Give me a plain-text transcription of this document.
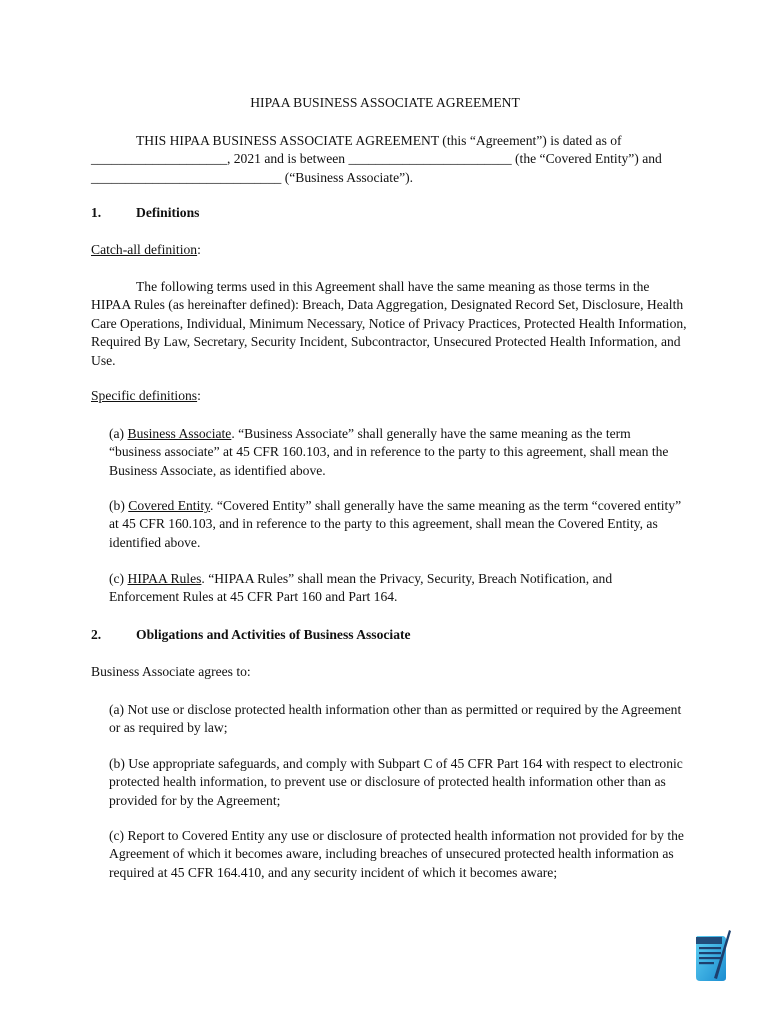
HIPAA BUSINESS ASSOCIATE AGREEMENT

THIS HIPAA BUSINESS ASSOCIATE AGREEMENT (this “Agreement”) is dated as of ____________________, 2021 and is between ________________________ (the “Covered Entity”) and ____________________________ (“Business Associate”).

1.	Definitions

Catch-all definition:

The following terms used in this Agreement shall have the same meaning as those terms in the HIPAA Rules (as hereinafter defined): Breach, Data Aggregation, Designated Record Set, Disclosure, Health Care Operations, Individual, Minimum Necessary, Notice of Privacy Practices, Protected Health Information, Required By Law, Secretary, Security Incident, Subcontractor, Unsecured Protected Health Information, and Use.

Specific definitions:

(a) Business Associate. “Business Associate” shall generally have the same meaning as the term “business associate” at 45 CFR 160.103, and in reference to the party to this agreement, shall mean the Business Associate, as identified above.

(b) Covered Entity. “Covered Entity” shall generally have the same meaning as the term “covered entity” at 45 CFR 160.103, and in reference to the party to this agreement, shall mean the Covered Entity, as identified above.

(c) HIPAA Rules. “HIPAA Rules” shall mean the Privacy, Security, Breach Notification, and Enforcement Rules at 45 CFR Part 160 and Part 164.

2.	Obligations and Activities of Business Associate

Business Associate agrees to:

(a) Not use or disclose protected health information other than as permitted or required by the Agreement or as required by law;

(b) Use appropriate safeguards, and comply with Subpart C of 45 CFR Part 164 with respect to electronic protected health information, to prevent use or disclosure of protected health information other than as provided for by the Agreement;

(c) Report to Covered Entity any use or disclosure of protected health information not provided for by the Agreement of which it becomes aware, including breaches of unsecured protected health information as required at 45 CFR 164.410, and any security incident of which it becomes aware;
